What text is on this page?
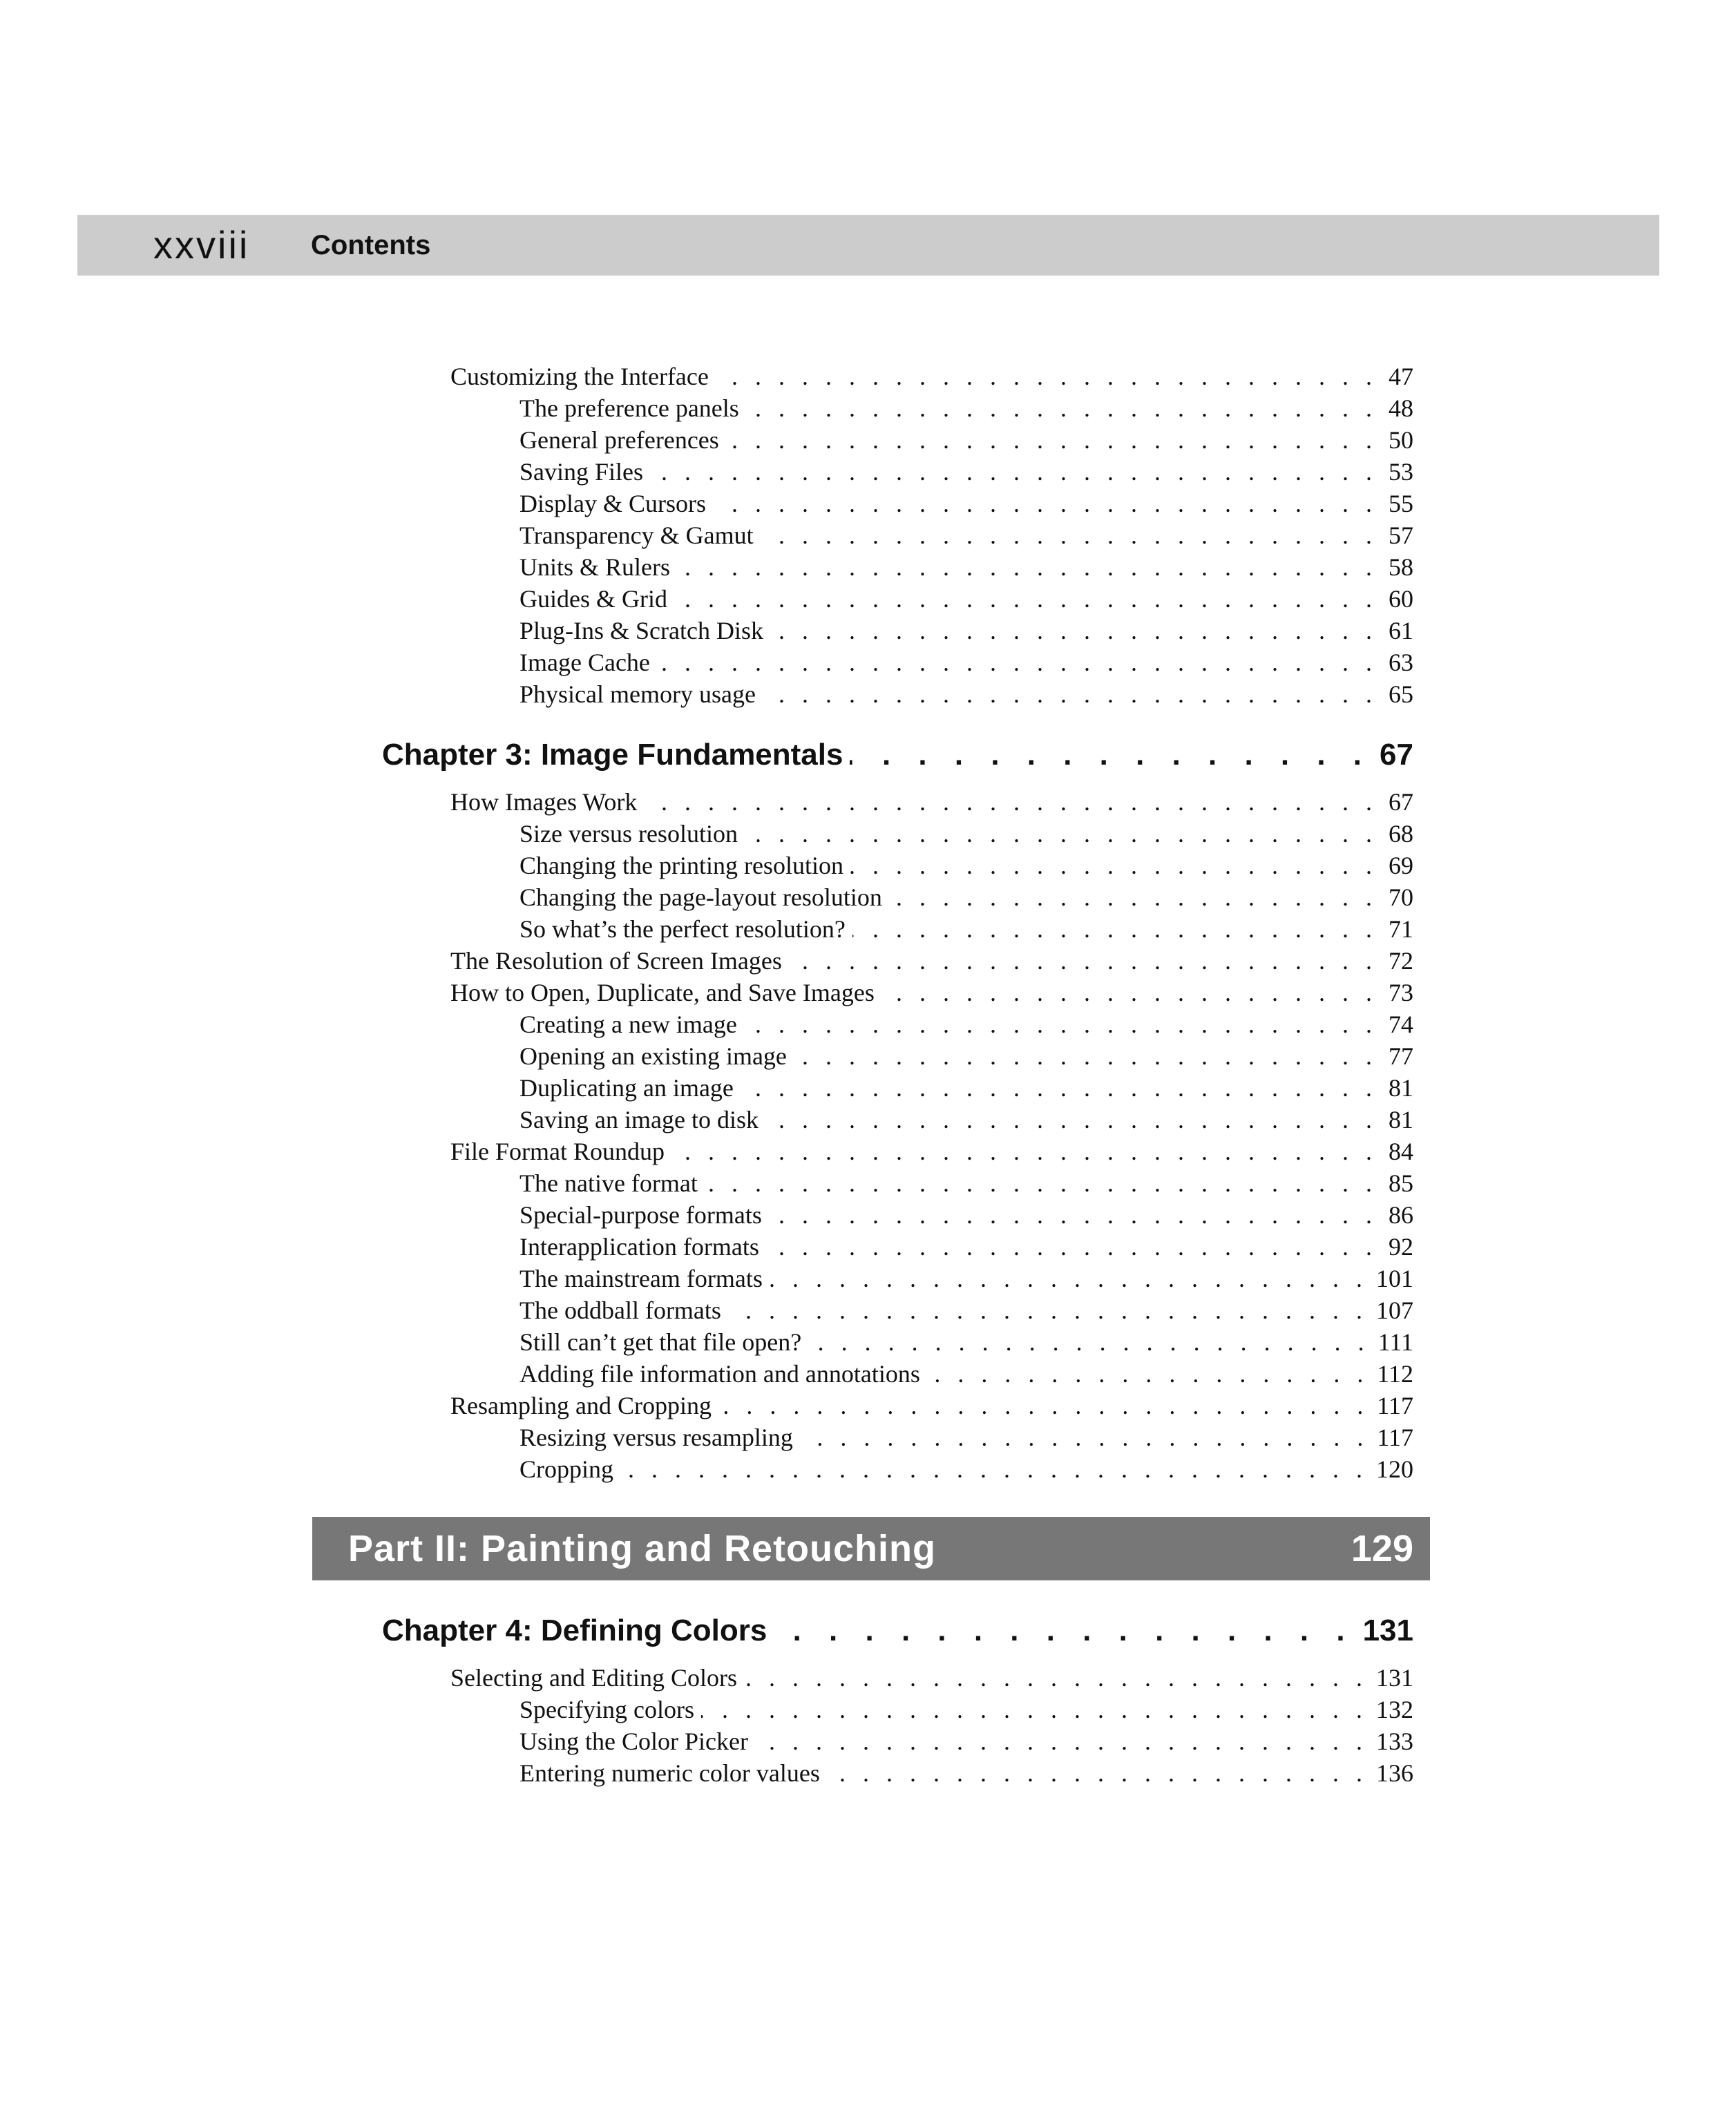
xxviii Contents
Customizing the Interface . . .	47
The preference panels . . .	48
General preferences . . .	50
Saving Files . . .	53
Display & Cursors . . .	55
Transparency & Gamut . . .	57
Units & Rulers . . .	58
Guides & Grid . . .	60
Plug-Ins & Scratch Disk . . .	61
Image Cache . . .	63
Physical memory usage . . .	65
Chapter 3: Image Fundamentals . . .	67
How Images Work . . .	67
Size versus resolution . . .	68
Changing the printing resolution . . .	69
Changing the page-layout resolution . . .	70
So what’s the perfect resolution? . . .	71
The Resolution of Screen Images . . .	72
How to Open, Duplicate, and Save Images . . .	73
Creating a new image . . .	74
Opening an existing image . . .	77
Duplicating an image . . .	81
Saving an image to disk . . .	81
File Format Roundup . . .	84
The native format . . .	85
Special-purpose formats . . .	86
Interapplication formats . . .	92
The mainstream formats . . .	101
The oddball formats . . .	107
Still can’t get that file open? . . .	111
Adding file information and annotations . . .	112
Resampling and Cropping . . .	117
Resizing versus resampling . . .	117
Cropping . . .	120
Part II: Painting and Retouching	129
Chapter 4: Defining Colors . . .	131
Selecting and Editing Colors . . .	131
Specifying colors . . .	132
Using the Color Picker . . .	133
Entering numeric color values . . .	136
